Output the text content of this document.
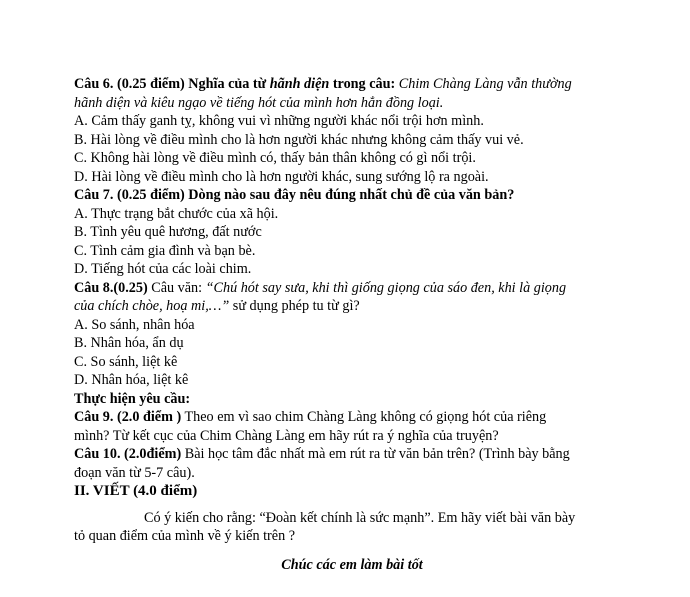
Câu 6. (0.25 điểm) Nghĩa của từ hãnh diện trong câu: Chim Chàng Làng vẫn thường
hãnh diện và kiêu ngạo về tiếng hót của mình hơn hẳn đồng loại.
A. Cảm thấy ganh tỵ, không vui vì những người khác nổi trội hơn mình.
B. Hài lòng về điều mình cho là hơn người khác nhưng không cảm thấy vui vẻ.
C. Không hài lòng về điều mình có, thấy bản thân không có gì nổi trội.
D. Hài lòng về điều mình cho là hơn người khác, sung sướng lộ ra ngoài.
Câu 7. (0.25 điểm) Dòng nào sau đây nêu đúng nhất chủ đề của văn bản?
A. Thực trạng bắt chước của xã hội.
B. Tình yêu quê hương, đất nước
C. Tình cảm gia đình và bạn bè.
D. Tiếng hót của các loài chim.
Câu 8.(0.25) Câu văn: “Chú hót say sưa, khi thì giống giọng của sáo đen, khi là giọng
của chích chòe, hoạ mi,…” sử dụng phép tu từ gì?
A. So sánh, nhân hóa
B. Nhân hóa, ẩn dụ
C. So sánh, liệt kê
D. Nhân hóa, liệt kê
Thực hiện yêu cầu:
Câu 9. (2.0 điểm ) Theo em vì sao chim Chàng Làng không có giọng hót của riêng
mình? Từ kết cục của Chim Chàng Làng em hãy rút ra ý nghĩa của truyện?
Câu 10. (2.0điểm) Bài học tâm đắc nhất mà em rút ra từ văn bản trên? (Trình bày bằng
đoạn văn từ 5-7 câu).
II. VIẾT (4.0 điểm)
Có ý kiến cho rằng: “Đoàn kết chính là sức mạnh”. Em hãy viết bài văn bày
tỏ quan điểm của mình về ý kiến trên ?
Chúc các em làm bài tốt
